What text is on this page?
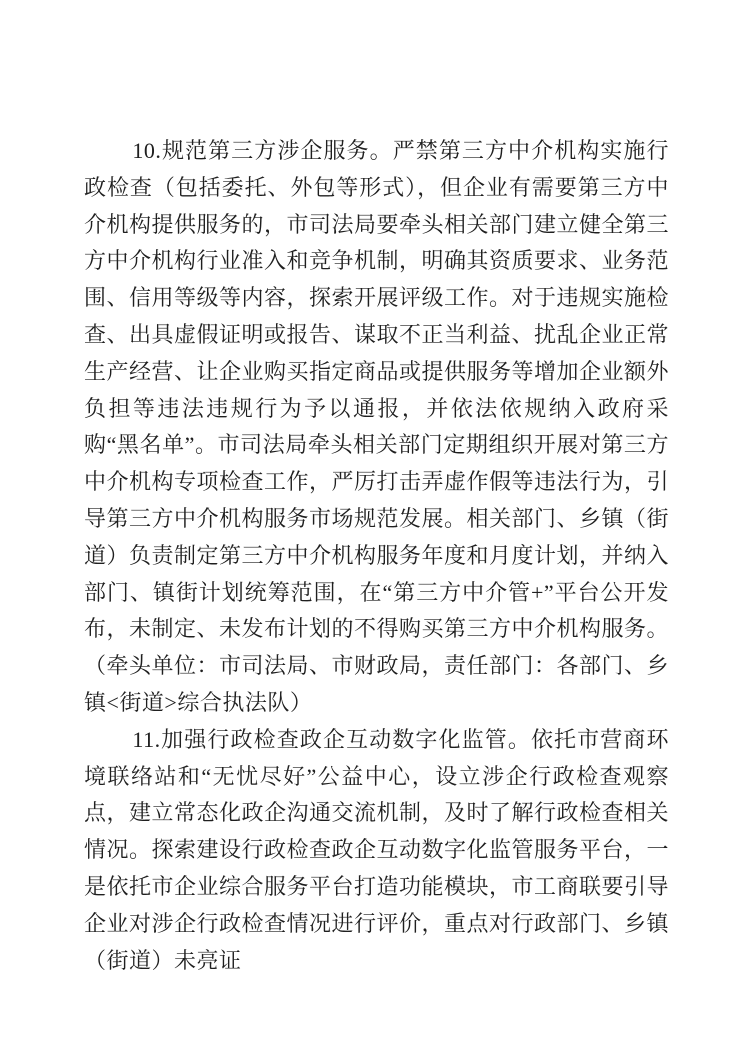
10.规范第三方涉企服务。严禁第三方中介机构实施行政检查（包括委托、外包等形式），但企业有需要第三方中介机构提供服务的，市司法局要牵头相关部门建立健全第三方中介机构行业准入和竞争机制，明确其资质要求、业务范围、信用等级等内容，探索开展评级工作。对于违规实施检查、出具虚假证明或报告、谋取不正当利益、扰乱企业正常生产经营、让企业购买指定商品或提供服务等增加企业额外负担等违法违规行为予以通报，并依法依规纳入政府采购“黑名单”。市司法局牵头相关部门定期组织开展对第三方中介机构专项检查工作，严厉打击弄虚作假等违法行为，引导第三方中介机构服务市场规范发展。相关部门、乡镇（街道）负责制定第三方中介机构服务年度和月度计划，并纳入部门、镇街计划统筹范围，在“第三方中介管+”平台公开发布，未制定、未发布计划的不得购买第三方中介机构服务。（牵头单位：市司法局、市财政局，责任部门：各部门、乡镇<街道>综合执法队）

11.加强行政检查政企互动数字化监管。依托市营商环境联络站和“无忧尽好”公益中心，设立涉企行政检查观察点，建立常态化政企沟通交流机制，及时了解行政检查相关情况。探索建设行政检查政企互动数字化监管服务平台，一是依托市企业综合服务平台打造功能模块，市工商联要引导企业对涉企行政检查情况进行评价，重点对行政部门、乡镇（街道）未亮证
